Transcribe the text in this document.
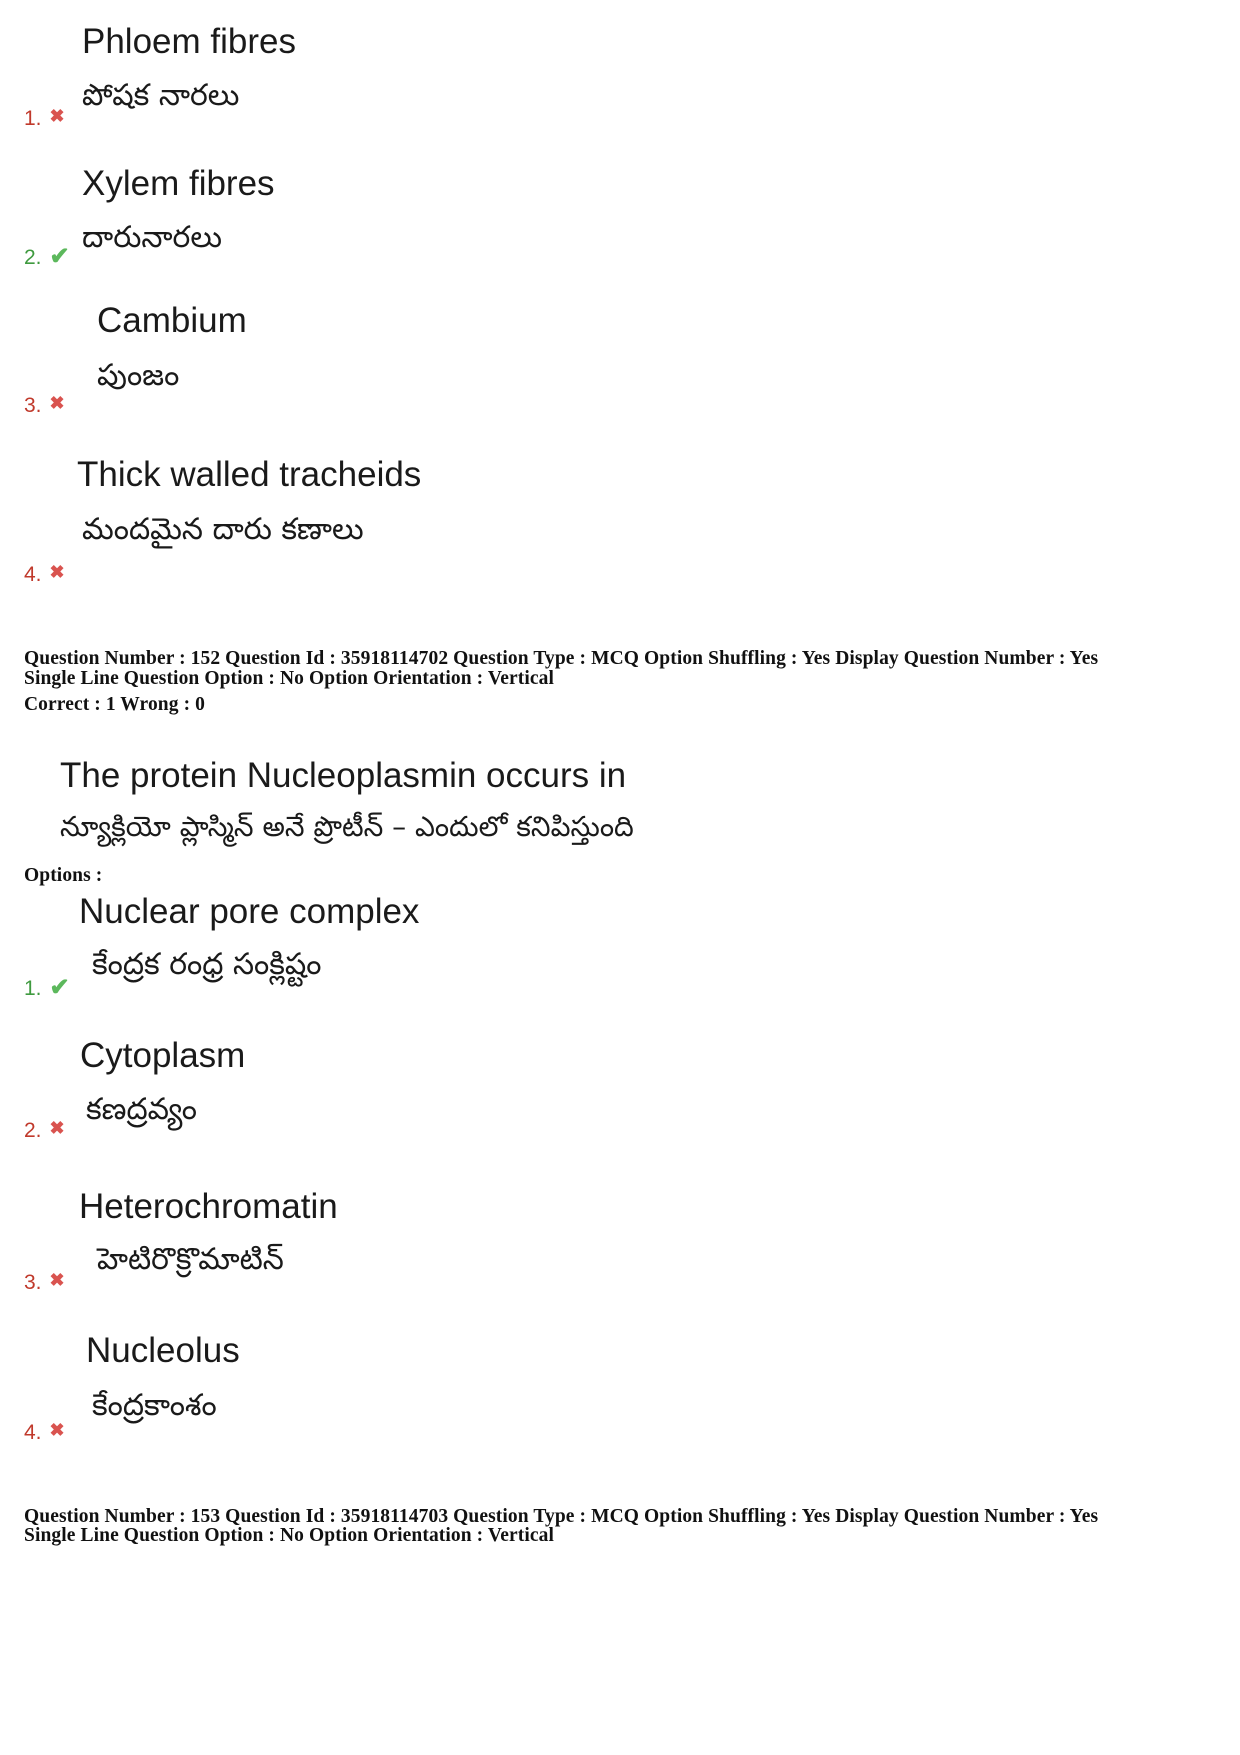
Phloem fibres
పోషక నారలు
1. ✖
Xylem fibres
దారునారలు
2. ✔
Cambium
పుంజం
3. ✖
Thick walled tracheids
మందమైన దారు కణాలు
4. ✖
Question Number : 152 Question Id : 35918114702 Question Type : MCQ Option Shuffling : Yes Display Question Number : Yes
Single Line Question Option : No Option Orientation : Vertical
Correct : 1 Wrong : 0
The protein Nucleoplasmin occurs in
న్యూక్లియో ప్లాస్మిన్ అనే ప్రొటీన్ – ఎందులో కనిపిస్తుంది
Options :
Nuclear pore complex
కేంద్రక రంధ్ర సంక్లిష్టం
1. ✔
Cytoplasm
కణద్రవ్యం
2. ✖
Heterochromatin
హెటిరొక్రొమాటిన్
3. ✖
Nucleolus
కేంద్రకాంశం
4. ✖
Question Number : 153 Question Id : 35918114703 Question Type : MCQ Option Shuffling : Yes Display Question Number : Yes
Single Line Question Option : No Option Orientation : Vertical
